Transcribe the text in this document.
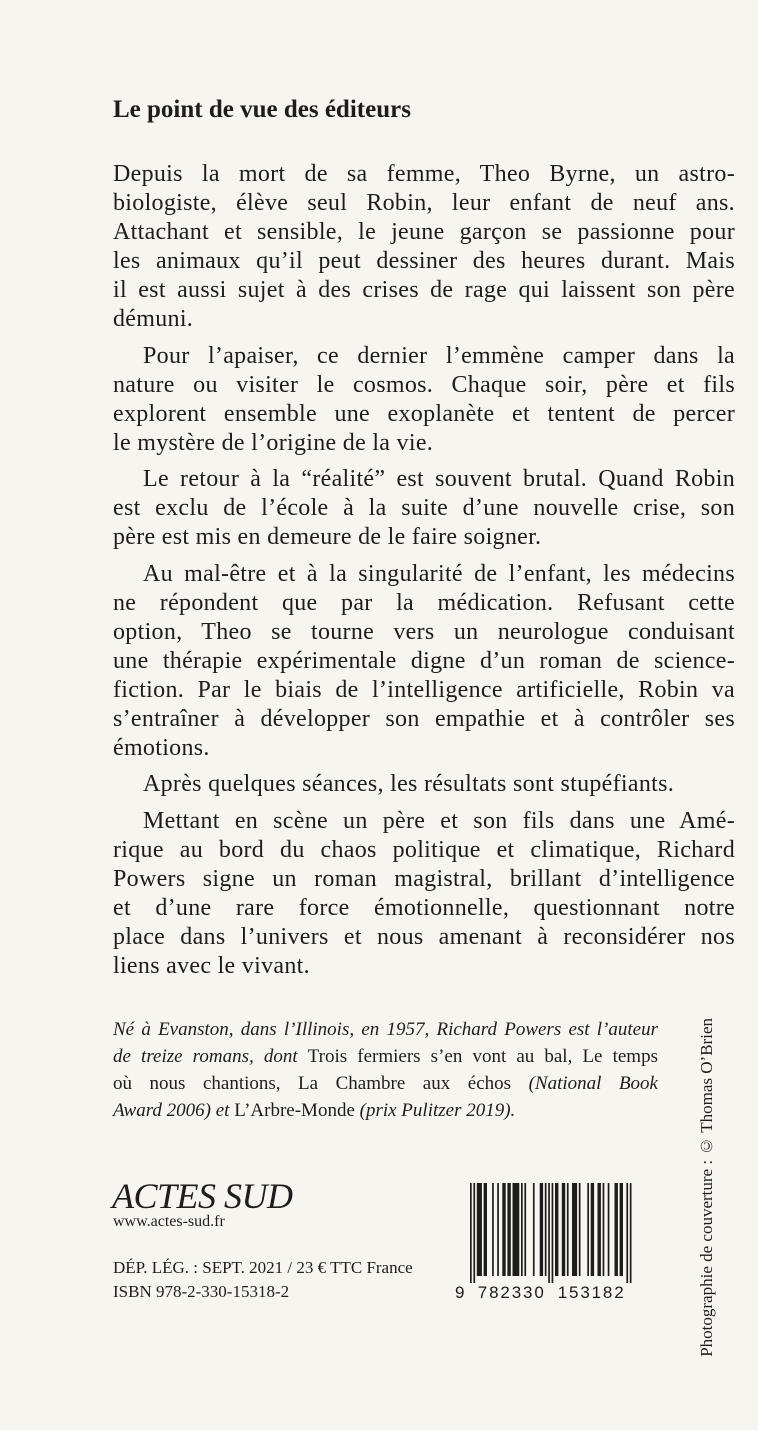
Le point de vue des éditeurs
Depuis la mort de sa femme, Theo Byrne, un astro-
biologiste, élève seul Robin, leur enfant de neuf ans.
Attachant et sensible, le jeune garçon se passionne pour
les animaux qu’il peut dessiner des heures durant. Mais
il est aussi sujet à des crises de rage qui laissent son père
démuni.
Pour l’apaiser, ce dernier l’emmène camper dans la
nature ou visiter le cosmos. Chaque soir, père et fils
explorent ensemble une exoplanète et tentent de percer
le mystère de l’origine de la vie.
Le retour à la “réalité” est souvent brutal. Quand Robin
est exclu de l’école à la suite d’une nouvelle crise, son
père est mis en demeure de le faire soigner.
Au mal-être et à la singularité de l’enfant, les médecins
ne répondent que par la médication. Refusant cette
option, Theo se tourne vers un neurologue conduisant
une thérapie expérimentale digne d’un roman de science-
fiction. Par le biais de l’intelligence artificielle, Robin va
s’entraîner à développer son empathie et à contrôler ses
émotions.
Après quelques séances, les résultats sont stupéfiants.
Mettant en scène un père et son fils dans une Amé-
rique au bord du chaos politique et climatique, Richard
Powers signe un roman magistral, brillant d’intelligence
et d’une rare force émotionnelle, questionnant notre
place dans l’univers et nous amenant à reconsidérer nos
liens avec le vivant.
Né à Evanston, dans l’Illinois, en 1957, Richard Powers est l’auteur
de treize romans, dont Trois fermiers s’en vont au bal, Le temps
où nous chantions, La Chambre aux échos (National Book
Award 2006) et L’Arbre-Monde (prix Pulitzer 2019).
ACTES SUD
www.actes-sud.fr
DÉP. LÉG. : SEPT. 2021 / 23 € TTC France
ISBN 978-2-330-15318-2	9 782330 153182	Photographie de couverture : © Thomas O’Brien
